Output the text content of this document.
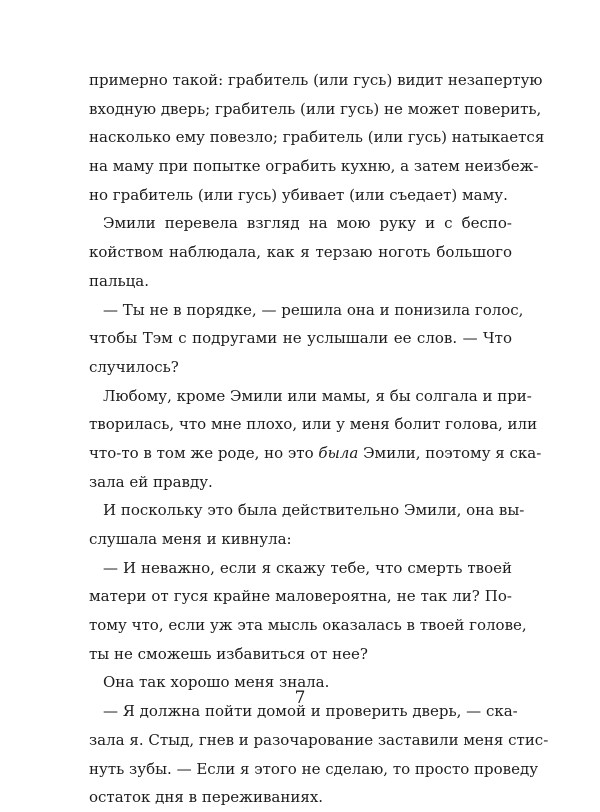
примерно такой: грабитель (или гусь) видит незапертую
входную дверь; грабитель (или гусь) не может поверить,
насколько ему повезло; грабитель (или гусь) натыкается
на маму при попытке ограбить кухню, а затем неизбеж-
но грабитель (или гусь) убивает (или съедает) маму.
Эмили перевела взгляд на мою руку и с беспо-
койством наблюдала, как я терзаю ноготь большого
пальца.
— Ты не в порядке, — решила она и понизила голос,
чтобы Тэм с подругами не услышали ее слов. — Что
случилось?
Любому, кроме Эмили или мамы, я бы солгала и при-
творилась, что мне плохо, или у меня болит голова, или
что-то в том же роде, но это была Эмили, поэтому я ска-
зала ей правду.
И поскольку это была действительно Эмили, она вы-
слушала меня и кивнула:
— И неважно, если я скажу тебе, что смерть твоей
матери от гуся крайне маловероятна, не так ли? По-
тому что, если уж эта мысль оказалась в твоей голове,
ты не сможешь избавиться от нее?
Она так хорошо меня знала.
— Я должна пойти домой и проверить дверь, — ска-
зала я. Стыд, гнев и разочарование заставили меня стис-
нуть зубы. — Если я этого не сделаю, то просто проведу
остаток дня в переживаниях.
7
